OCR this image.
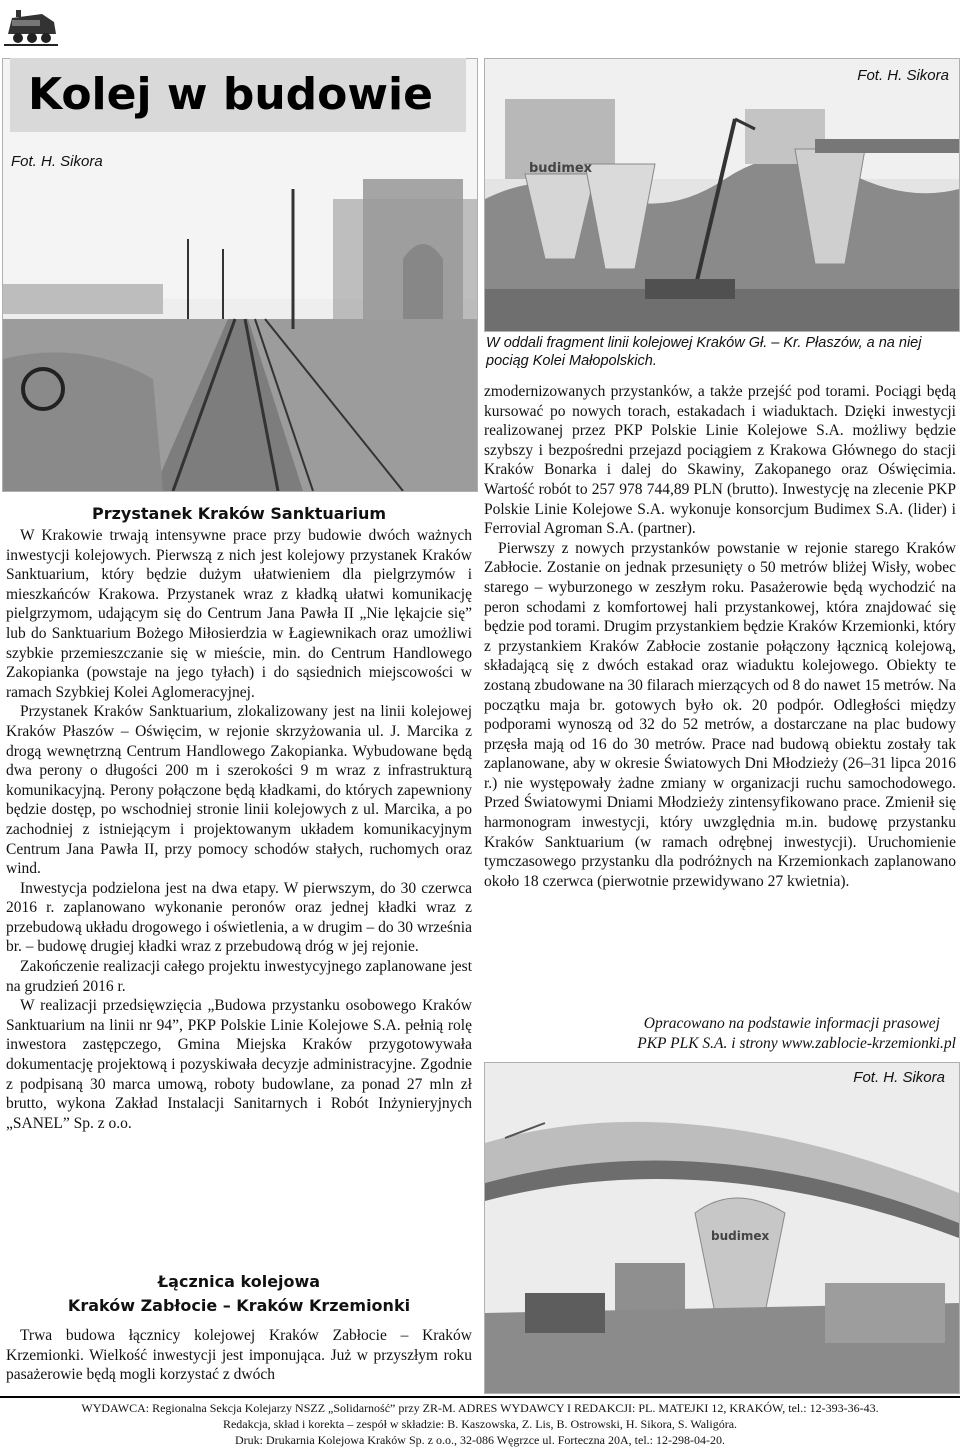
budimex
Fot. H. Sikora
W oddali fragment linii kolejowej Kraków Gł. – Kr. Płaszów, a na niej pociąg Kolei Małopolskich.
Fot. H. Sikora
Kolej w budowie
Przystanek Kraków Sanktuarium

W Krakowie trwają intensywne prace przy budowie dwóch ważnych inwestycji kolejowych. Pierwszą z nich jest kolejowy przystanek Kraków Sanktuarium, który będzie dużym ułatwieniem dla pielgrzymów i mieszkańców Krakowa. Przystanek wraz z kładką ułatwi komunikację pielgrzymom, udającym się do Centrum Jana Pawła II „Nie lękajcie się” lub do Sanktuarium Bożego Miłosierdzia w Łagiewnikach oraz umożliwi szybkie przemieszczanie się w mieście, min. do Centrum Handlowego Zakopianka (powstaje na jego tyłach) i do sąsiednich miejscowości w ramach Szybkiej Kolei Aglomeracyjnej.

Przystanek Kraków Sanktuarium, zlokalizowany jest na linii kolejowej Kraków Płaszów – Oświęcim, w rejonie skrzyżowania ul. J. Marcika z drogą wewnętrzną Centrum Handlowego Zakopianka. Wybudowane będą dwa perony o długości 200 m i szerokości 9 m wraz z infrastrukturą komunikacyjną. Perony połączone będą kładkami, do których zapewniony będzie dostęp, po wschodniej stronie linii kolejowych z ul. Marcika, a po zachodniej z istniejącym i projektowanym układem komunikacyjnym Centrum Jana Pawła II, przy pomocy schodów stałych, ruchomych oraz wind.

Inwestycja podzielona jest na dwa etapy. W pierwszym, do 30 czerwca 2016 r. zaplanowano wykonanie peronów oraz jednej kładki wraz z przebudową układu drogowego i oświetlenia, a w drugim – do 30 września br. – budowę drugiej kładki wraz z przebudową dróg w jej rejonie.

Zakończenie realizacji całego projektu inwestycyjnego zaplanowane jest na grudzień 2016 r.

W realizacji przedsięwzięcia „Budowa przystanku osobowego Kraków Sanktuarium na linii nr 94”, PKP Polskie Linie Kolejowe S.A. pełnią rolę inwestora zastępczego, Gmina Miejska Kraków przygotowywała dokumentację projektową i pozyskiwała decyzje administracyjne. Zgodnie z podpisaną 30 marca umową, roboty budowlane, za ponad 27 mln zł brutto, wykona Zakład Instalacji Sanitarnych i Robót Inżynieryjnych „SANEL” Sp. z o.o.

Łącznica kolejowa
Kraków Zabłocie – Kraków Krzemionki

Trwa budowa łącznicy kolejowej Kraków Zabłocie – Kraków Krzemionki. Wielkość inwestycji jest imponująca. Już w przyszłym roku pasażerowie będą mogli korzystać z dwóch

zmodernizowanych przystanków, a także przejść pod torami. Pociągi będą kursować po nowych torach, estakadach i wiaduktach. Dzięki inwestycji realizowanej przez PKP Polskie Linie Kolejowe S.A. możliwy będzie szybszy i bezpośredni przejazd pociągiem z Krakowa Głównego do stacji Kraków Bonarka i dalej do Skawiny, Zakopanego oraz Oświęcimia. Wartość robót to 257 978 744,89 PLN (brutto). Inwestycję na zlecenie PKP Polskie Linie Kolejowe S.A. wykonuje konsorcjum Budimex S.A. (lider) i Ferrovial Agroman S.A. (partner).

Pierwszy z nowych przystanków powstanie w rejonie starego Kraków Zabłocie. Zostanie on jednak przesunięty o 50 metrów bliżej Wisły, wobec starego – wyburzonego w zeszłym roku. Pasażerowie będą wychodzić na peron schodami z komfortowej hali przystankowej, która znajdować się będzie pod torami. Drugim przystankiem będzie Kraków Krzemionki, który z przystankiem Kraków Zabłocie zostanie połączony łącznicą kolejową, składającą się z dwóch estakad oraz wiaduktu kolejowego. Obiekty te zostaną zbudowane na 30 filarach mierzących od 8 do nawet 15 metrów. Na początku maja br. gotowych było ok. 20 podpór. Odległości między podporami wynoszą od 32 do 52 metrów, a dostarczane na plac budowy przęsła mają od 16 do 30 metrów. Prace nad budową obiektu zostały tak zaplanowane, aby w okresie Światowych Dni Młodzieży (26–31 lipca 2016 r.) nie występowały żadne zmiany w organizacji ruchu samochodowego. Przed Światowymi Dniami Młodzieży zintensyfikowano prace. Zmienił się harmonogram inwestycji, który uwzględnia m.in. budowę przystanku Kraków Sanktuarium (w ramach odrębnej inwestycji). Uruchomienie tymczasowego przystanku dla podróżnych na Krzemionkach zaplanowano około 18 czerwca (pierwotnie przewidywano 27 kwietnia).

Opracowano na podstawie informacji prasowej
PKP PLK S.A. i strony www.zablocie-krzemionki.pl
budimex
Fot. H. Sikora
WYDAWCA: Regionalna Sekcja Kolejarzy NSZZ „Solidarność” przy ZR-M. ADRES WYDAWCY I REDAKCJI: PL. MATEJKI 12, KRAKÓW, tel.: 12-393-36-43.
Redakcja, skład i korekta – zespół w składzie: B. Kaszowska, Z. Lis, B. Ostrowski, H. Sikora, S. Waligóra.
Druk: Drukarnia Kolejowa Kraków Sp. z o.o., 32-086 Węgrzce ul. Forteczna 20A, tel.: 12-298-04-20.
